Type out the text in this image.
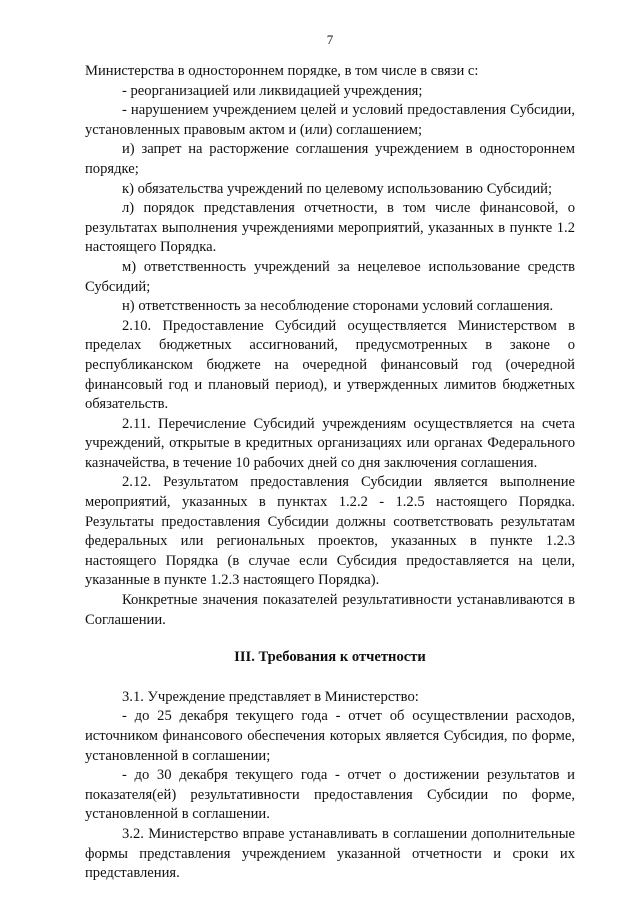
7

Министерства в одностороннем порядке, в том числе в связи с:

- реорганизацией или ликвидацией учреждения;

- нарушением учреждением целей и условий предоставления Субсидии, установленных правовым актом и (или) соглашением;

и) запрет на расторжение соглашения учреждением в одностороннем порядке;

к) обязательства учреждений по целевому использованию Субсидий;

л) порядок представления отчетности, в том числе финансовой, о результатах выполнения учреждениями мероприятий, указанных в пункте 1.2 настоящего Порядка.

м) ответственность учреждений за нецелевое использование средств Субсидий;

н) ответственность за несоблюдение сторонами условий соглашения.

2.10. Предоставление Субсидий осуществляется Министерством в пределах бюджетных ассигнований, предусмотренных в законе о республиканском бюджете на очередной финансовый год (очередной финансовый год и плановый период), и утвержденных лимитов бюджетных обязательств.

2.11. Перечисление Субсидий учреждениям осуществляется на счета учреждений, открытые в кредитных организациях или органах Федерального казначейства, в течение 10 рабочих дней со дня заключения соглашения.

2.12. Результатом предоставления Субсидии является выполнение мероприятий, указанных в пунктах 1.2.2 - 1.2.5 настоящего Порядка. Результаты предоставления Субсидии должны соответствовать результатам федеральных или региональных проектов, указанных в пункте 1.2.3 настоящего Порядка (в случае если Субсидия предоставляется на цели, указанные в пункте 1.2.3 настоящего Порядка).

Конкретные значения показателей результативности устанавливаются в Соглашении.

III. Требования к отчетности

3.1. Учреждение представляет в Министерство:

- до 25 декабря текущего года - отчет об осуществлении расходов, источником финансового обеспечения которых является Субсидия, по форме, установленной в соглашении;

- до 30 декабря текущего года - отчет о достижении результатов и показателя(ей) результативности предоставления Субсидии по форме, установленной в соглашении.

3.2. Министерство вправе устанавливать в соглашении дополнительные формы представления учреждением указанной отчетности и сроки их представления.
